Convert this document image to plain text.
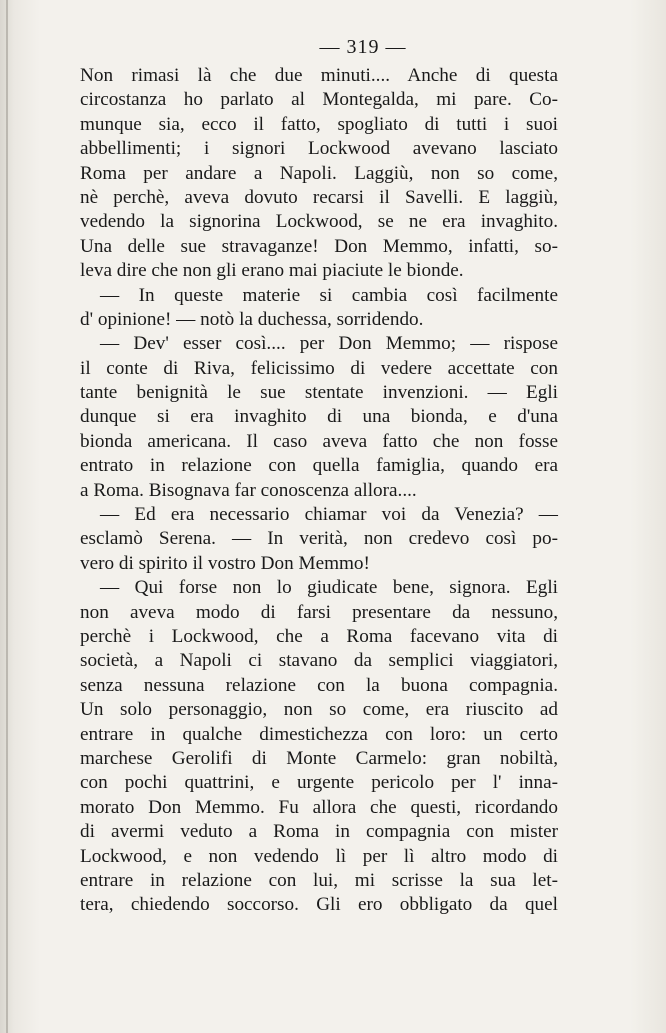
— 319 —
Non rimasi là che due minuti.... Anche di questa
circostanza ho parlato al Montegalda, mi pare. Co-
munque sia, ecco il fatto, spogliato di tutti i suoi
abbellimenti; i signori Lockwood avevano lasciato
Roma per andare a Napoli. Laggiù, non so come,
nè perchè, aveva dovuto recarsi il Savelli. E laggiù,
vedendo la signorina Lockwood, se ne era invaghito.
Una delle sue stravaganze! Don Memmo, infatti, so-
leva dire che non gli erano mai piaciute le bionde.
— In queste materie si cambia così facilmente
d' opinione! — notò la duchessa, sorridendo.
— Dev' esser così.... per Don Memmo; — rispose
il conte di Riva, felicissimo di vedere accettate con
tante benignità le sue stentate invenzioni. — Egli
dunque si era invaghito di una bionda, e d'una
bionda americana. Il caso aveva fatto che non fosse
entrato in relazione con quella famiglia, quando era
a Roma. Bisognava far conoscenza allora....
— Ed era necessario chiamar voi da Venezia? —
esclamò Serena. — In verità, non credevo così po-
vero di spirito il vostro Don Memmo!
— Qui forse non lo giudicate bene, signora. Egli
non aveva modo di farsi presentare da nessuno,
perchè i Lockwood, che a Roma facevano vita di
società, a Napoli ci stavano da semplici viaggiatori,
senza nessuna relazione con la buona compagnia.
Un solo personaggio, non so come, era riuscito ad
entrare in qualche dimestichezza con loro: un certo
marchese Gerolifi di Monte Carmelo: gran nobiltà,
con pochi quattrini, e urgente pericolo per l' inna-
morato Don Memmo. Fu allora che questi, ricordando
di avermi veduto a Roma in compagnia con mister
Lockwood, e non vedendo lì per lì altro modo di
entrare in relazione con lui, mi scrisse la sua let-
tera, chiedendo soccorso. Gli ero obbligato da quel
